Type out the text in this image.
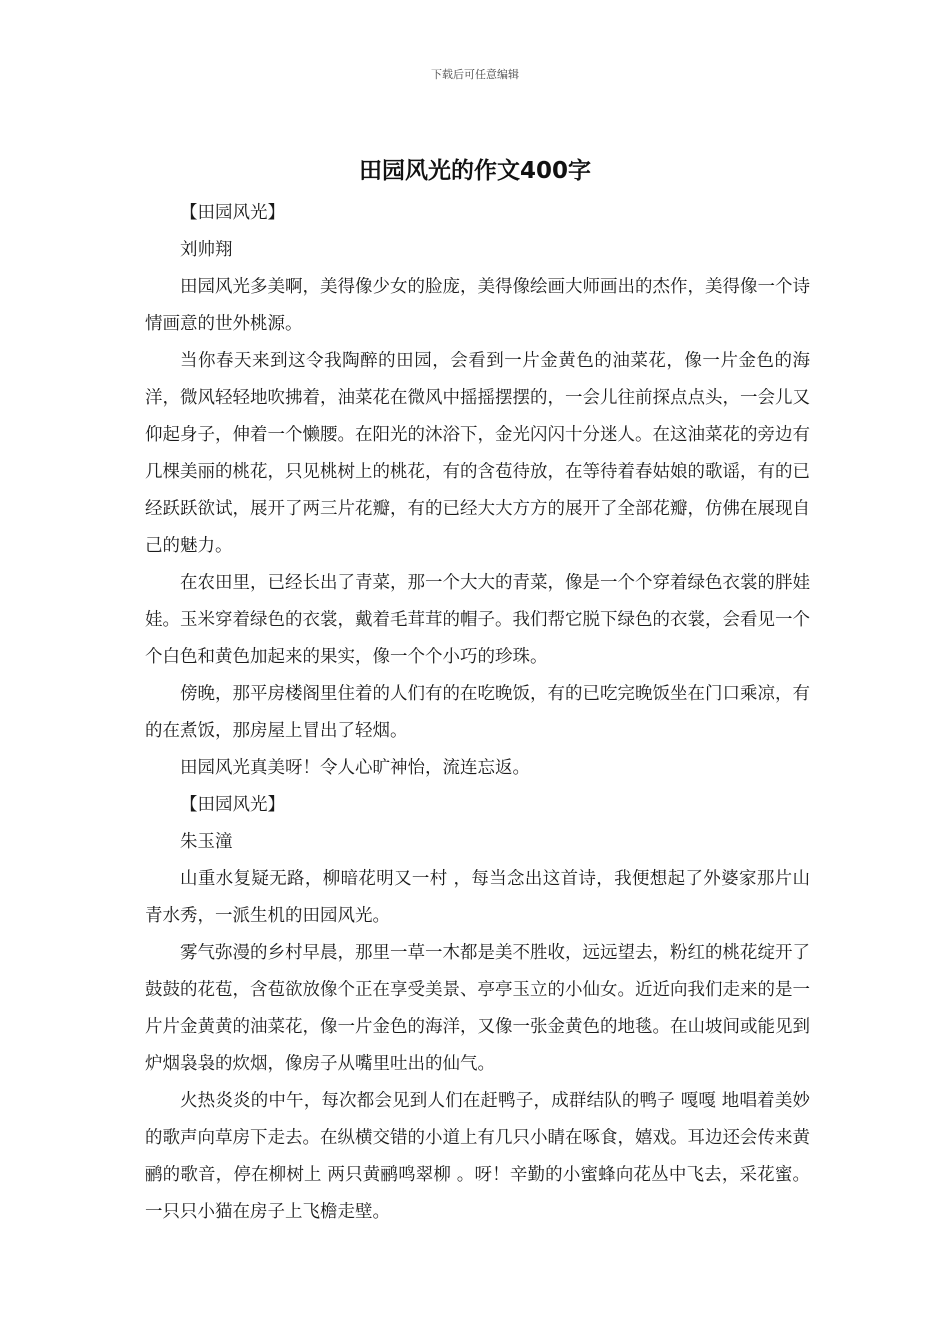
下载后可任意编辑
田园风光的作文400字

【田园风光】

刘帅翔

田园风光多美啊，美得像少女的脸庞，美得像绘画大师画出的杰作，美得像一个诗情画意的世外桃源。

当你春天来到这令我陶醉的田园，会看到一片金黄色的油菜花，像一片金色的海洋，微风轻轻地吹拂着，油菜花在微风中摇摇摆摆的，一会儿往前探点点头，一会儿又仰起身子，伸着一个懒腰。在阳光的沐浴下，金光闪闪十分迷人。在这油菜花的旁边有几棵美丽的桃花，只见桃树上的桃花，有的含苞待放，在等待着春姑娘的歌谣，有的已经跃跃欲试，展开了两三片花瓣，有的已经大大方方的展开了全部花瓣，仿佛在展现自己的魅力。

在农田里，已经长出了青菜，那一个大大的青菜，像是一个个穿着绿色衣裳的胖娃娃。玉米穿着绿色的衣裳，戴着毛茸茸的帽子。我们帮它脱下绿色的衣裳，会看见一个个白色和黄色加起来的果实，像一个个小巧的珍珠。

傍晚，那平房楼阁里住着的人们有的在吃晚饭，有的已吃完晚饭坐在门口乘凉，有的在煮饭，那房屋上冒出了轻烟。

田园风光真美呀！令人心旷神怡，流连忘返。

【田园风光】

朱玉潼

山重水复疑无路，柳暗花明又一村 ，每当念出这首诗，我便想起了外婆家那片山青水秀，一派生机的田园风光。

雾气弥漫的乡村早晨，那里一草一木都是美不胜收，远远望去，粉红的桃花绽开了鼓鼓的花苞，含苞欲放像个正在享受美景、亭亭玉立的小仙女。近近向我们走来的是一片片金黄黄的油菜花，像一片金色的海洋，又像一张金黄色的地毯。在山坡间或能见到炉烟袅袅的炊烟，像房子从嘴里吐出的仙气。

火热炎炎的中午，每次都会见到人们在赶鸭子，成群结队的鸭子 嘎嘎 地唱着美妙的歌声向草房下走去。在纵横交错的小道上有几只小睛在啄食，嬉戏。耳边还会传来黄鹂的歌音，停在柳树上 两只黄鹂鸣翠柳 。呀！辛勤的小蜜蜂向花丛中飞去，采花蜜。一只只小猫在房子上飞檐走壁。
